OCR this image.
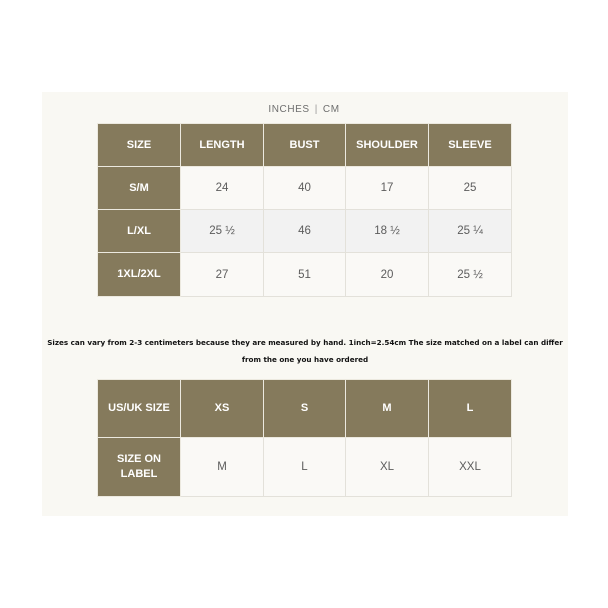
INCHES | CM
SIZE	LENGTH	BUST	SHOULDER	SLEEVE
S/M	24	40	17	25
L/XL	25 ½	46	18 ½	25 ¼
1XL/2XL	27	51	20	25 ½
Sizes can vary from 2-3 centimeters because they are measured by hand. 1inch=2.54cm The size matched on a label can differ from the one you have ordered
US/UK SIZE	XS	S	M	L
SIZE ON LABEL	M	L	XL	XXL
